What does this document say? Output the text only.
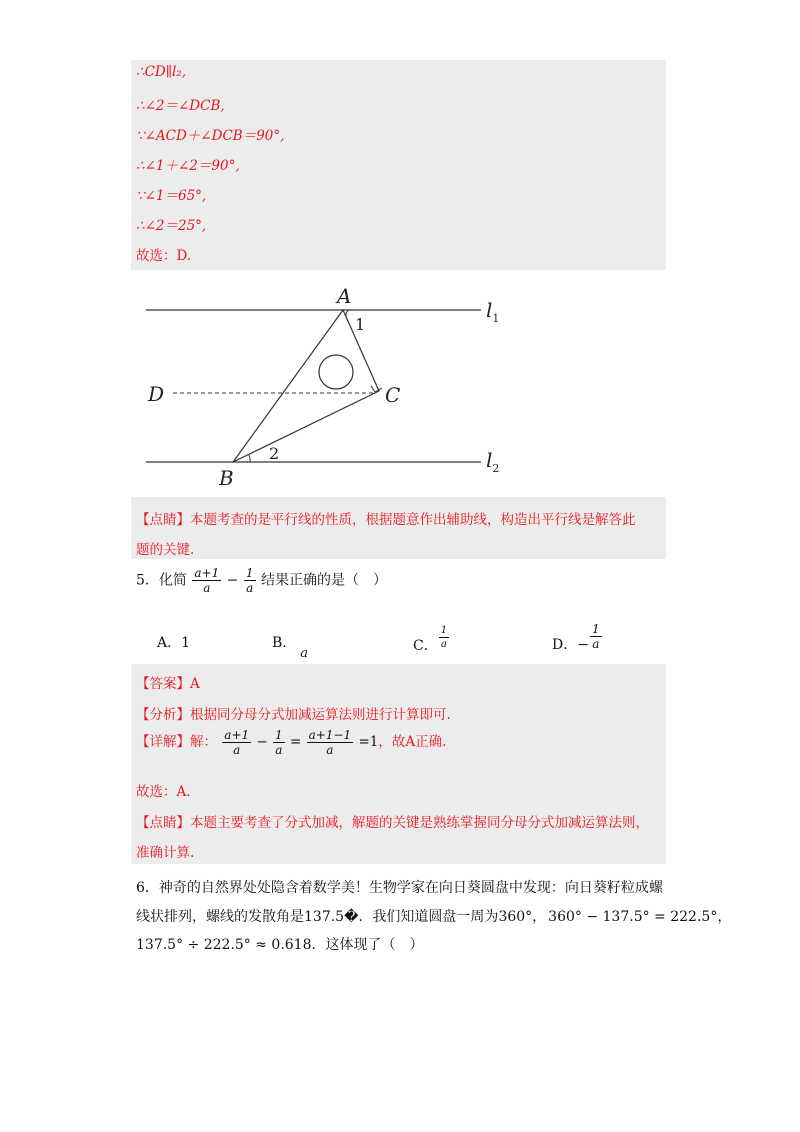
∴CD∥l₂,
∴∠2＝∠DCB,
∵∠ACD＋∠DCB＝90°,
∴∠1＋∠2＝90°,
∵∠1＝65°,
∴∠2＝25°,
故选：D.
A
1
B
2
C
D
$l_1$
$l_2$
【点睛】本题考查的是平行线的性质，根据题意作出辅助线，构造出平行线是解答此
题的关键.
5．化简 $\frac{a+1}{a} - \frac{1}{a}$ 结果正确的是（　）
A．1	B．a	C． $\frac{1}{a}$	D．− $\frac{1}{a}$
【答案】A
【分析】根据同分母分式加减运算法则进行计算即可.
【详解】解： $\frac{a+1}{a} - \frac{1}{a} = \frac{a+1-1}{a} =1$，故A正确.
故选：A.
【点睛】本题主要考查了分式加减，解题的关键是熟练掌握同分母分式加减运算法则，
准确计算.
6．神奇的自然界处处隐含着数学美！生物学家在向日葵圆盘中发现：向日葵籽粒成螺
线状排列，螺线的发散角是137.5�．我们知道圆盘一周为360°， 360° − 137.5° = 222.5°，
137.5° ÷ 222.5° ≈ 0.618．这体现了（　）
